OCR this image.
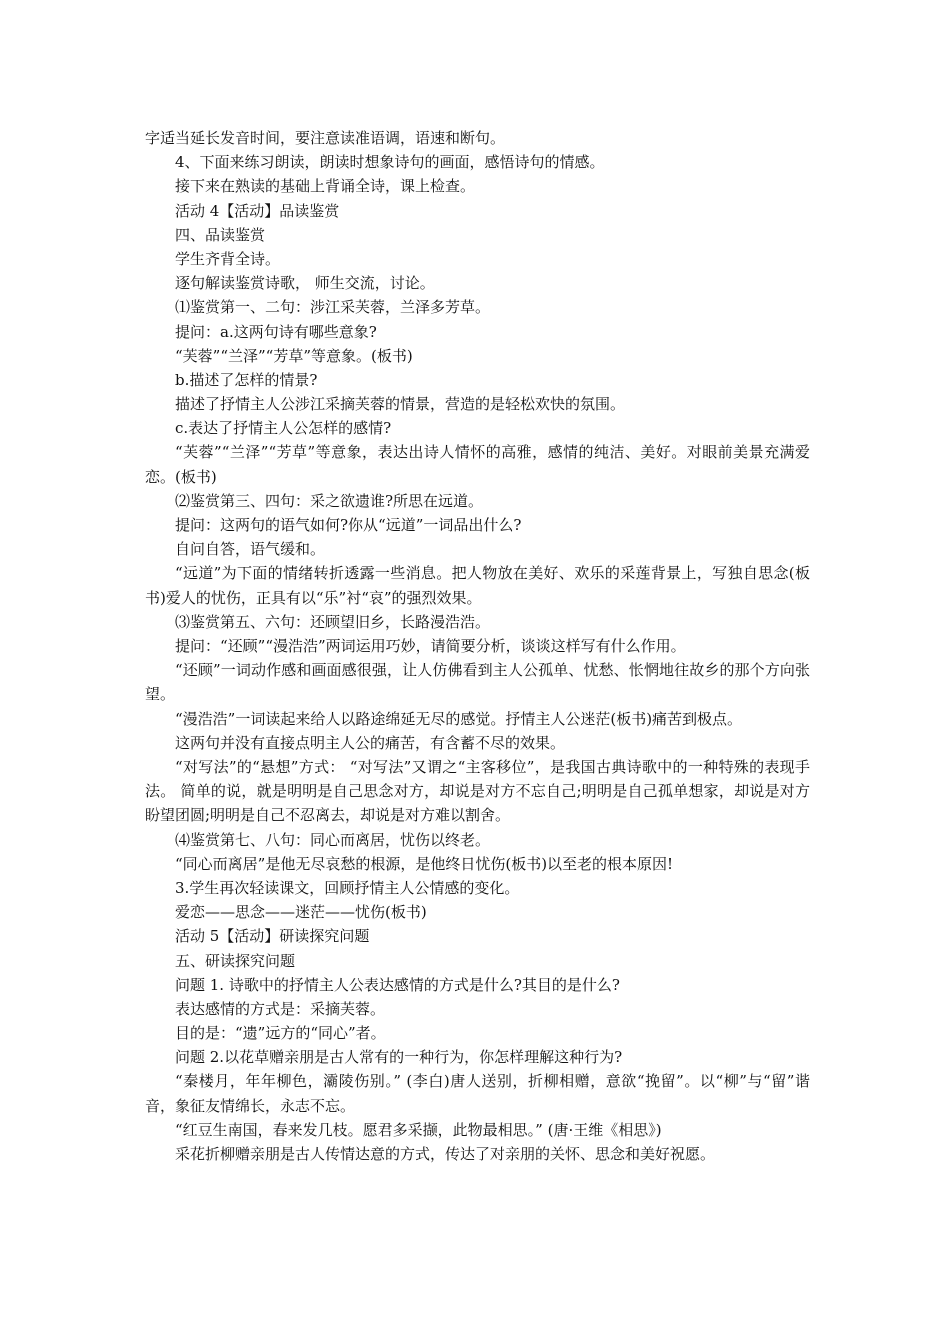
字适当延长发音时间，要注意读准语调，语速和断句。
4、下面来练习朗读，朗读时想象诗句的画面，感悟诗句的情感。
接下来在熟读的基础上背诵全诗，课上检查。
活动 4【活动】品读鉴赏
四、品读鉴赏
学生齐背全诗。
逐句解读鉴赏诗歌， 师生交流，讨论。
⑴鉴赏第一、二句：涉江采芙蓉，兰泽多芳草。
提问：a.这两句诗有哪些意象?
“芙蓉”“兰泽”“芳草”等意象。(板书)
b.描述了怎样的情景?
描述了抒情主人公涉江采摘芙蓉的情景，营造的是轻松欢快的氛围。
c.表达了抒情主人公怎样的感情?
“芙蓉”“兰泽”“芳草”等意象，表达出诗人情怀的高雅，感情的纯洁、美好。对眼前美景充满爱恋。(板书)
⑵鉴赏第三、四句：采之欲遗谁?所思在远道。
提问：这两句的语气如何?你从“远道”一词品出什么?
自问自答，语气缓和。
“远道”为下面的情绪转折透露一些消息。把人物放在美好、欢乐的采莲背景上，写独自思念(板书)爱人的忧伤，正具有以“乐”衬“哀”的强烈效果。
⑶鉴赏第五、六句：还顾望旧乡，长路漫浩浩。
提问：“还顾”“漫浩浩”两词运用巧妙，请简要分析，谈谈这样写有什么作用。
“还顾”一词动作感和画面感很强，让人仿佛看到主人公孤单、忧愁、怅惘地往故乡的那个方向张望。
“漫浩浩”一词读起来给人以路途绵延无尽的感觉。抒情主人公迷茫(板书)痛苦到极点。
这两句并没有直接点明主人公的痛苦，有含蓄不尽的效果。
“对写法”的“悬想”方式： “对写法”又谓之“主客移位”，是我国古典诗歌中的一种特殊的表现手法。 简单的说，就是明明是自己思念对方，却说是对方不忘自己;明明是自己孤单想家，却说是对方盼望团圆;明明是自己不忍离去，却说是对方难以割舍。
⑷鉴赏第七、八句：同心而离居，忧伤以终老。
“同心而离居”是他无尽哀愁的根源，是他终日忧伤(板书)以至老的根本原因!
3.学生再次轻读课文，回顾抒情主人公情感的变化。
爱恋——思念——迷茫——忧伤(板书)
活动 5【活动】研读探究问题
五、研读探究问题
问题 1. 诗歌中的抒情主人公表达感情的方式是什么?其目的是什么?
表达感情的方式是：采摘芙蓉。
目的是：“遗”远方的“同心”者。
问题 2.以花草赠亲朋是古人常有的一种行为，你怎样理解这种行为?
“秦楼月，年年柳色，灞陵伤别。” (李白)唐人送别，折柳相赠，意欲“挽留”。以“柳”与“留”谐音，象征友情绵长，永志不忘。
“红豆生南国，春来发几枝。愿君多采撷，此物最相思。” (唐·王维《相思》)
采花折柳赠亲朋是古人传情达意的方式，传达了对亲朋的关怀、思念和美好祝愿。
